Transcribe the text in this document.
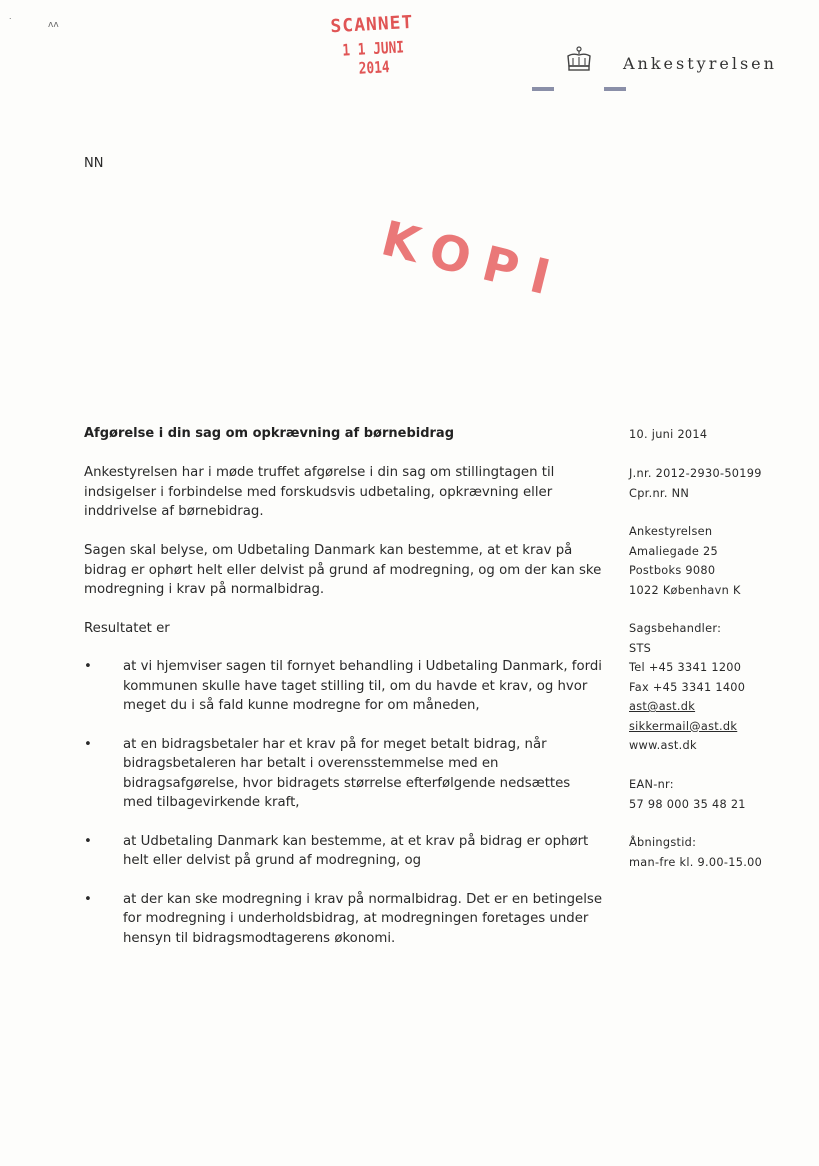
˙	ᴧᴧ	SCANNET
1 1 JUNI 2014	Ankestyrelsen
NN
KOPI
Afgørelse i din sag om opkrævning af børnebidrag
Ankestyrelsen har i møde truffet afgørelse i din sag om stillingtagen til indsigelser i forbindelse med forskudsvis udbetaling, opkrævning eller inddrivelse af børnebidrag.
Sagen skal belyse, om Udbetaling Danmark kan bestemme, at et krav på bidrag er ophørt helt eller delvist på grund af modregning, og om der kan ske modregning i krav på normalbidrag.
Resultatet er
• at vi hjemviser sagen til fornyet behandling i Udbetaling Danmark, fordi kommunen skulle have taget stilling til, om du havde et krav, og hvor meget du i så fald kunne modregne for om måneden,
• at en bidragsbetaler har et krav på for meget betalt bidrag, når bidragsbetaleren har betalt i overensstemmelse med en bidragsafgørelse, hvor bidragets størrelse efterfølgende nedsættes med tilbagevirkende kraft,
• at Udbetaling Danmark kan bestemme, at et krav på bidrag er ophørt helt eller delvist på grund af modregning, og
• at der kan ske modregning i krav på normalbidrag. Det er en betingelse for modregning i underholdsbidrag, at modregningen foretages under hensyn til bidragsmodtagerens økonomi.
10. juni 2014
J.nr. 2012-2930-50199
Cpr.nr. NN
Ankestyrelsen
Amaliegade 25
Postboks 9080
1022 København K
Sagsbehandler:
STS
Tel +45 3341 1200
Fax +45 3341 1400
ast@ast.dk
sikkermail@ast.dk
www.ast.dk
EAN-nr:
57 98 000 35 48 21
Åbningstid:
man-fre kl. 9.00-15.00
